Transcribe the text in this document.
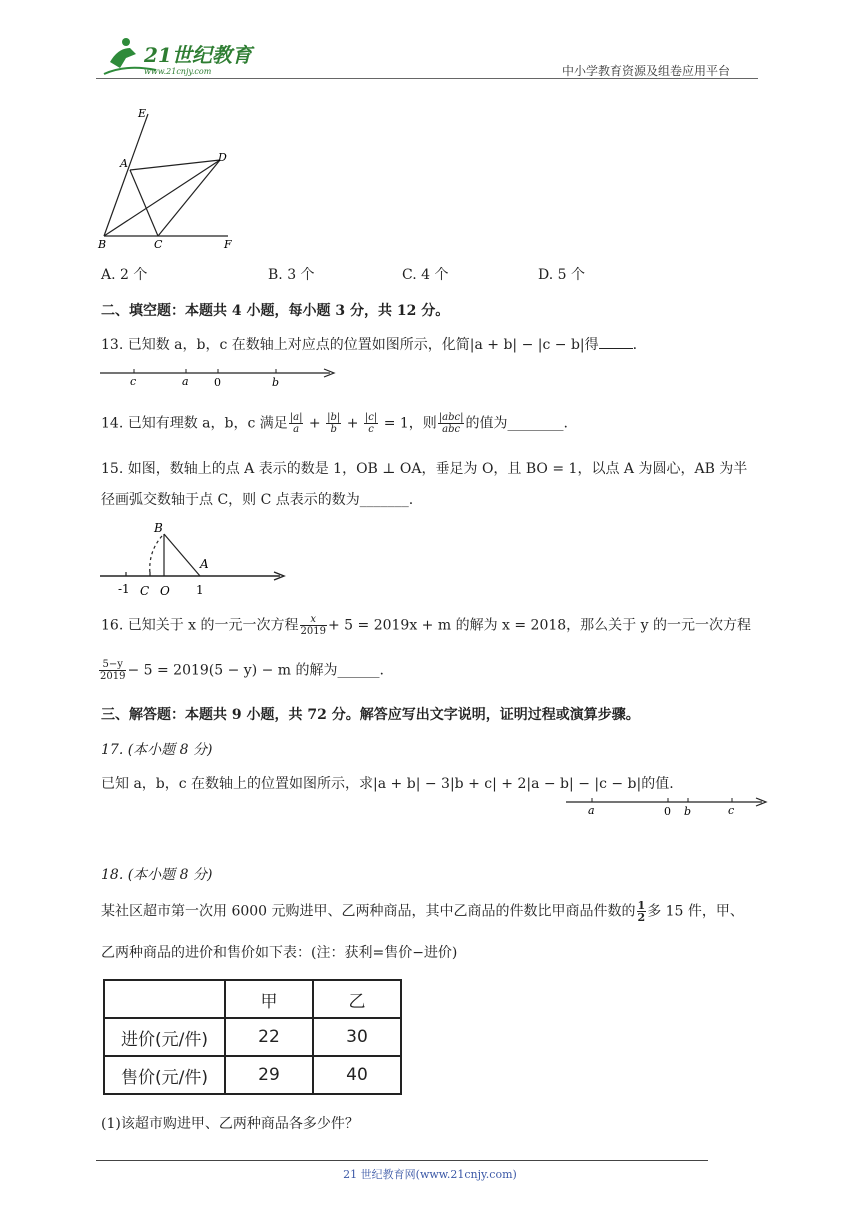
21世纪教育
www.21cnjy.com	中小学教育资源及组卷应用平台
E
A	D
B	C	F
A. 2 个	B. 3 个	C. 4 个	D. 5 个
二、填空题：本题共 4 小题，每小题 3 分，共 12 分。
13. 已知数 a，b，c 在数轴上对应点的位置如图所示，化简|a + b| − |c − b|得 .
c	a 0	b
14. 已知有理数 a，b，c 满足 $\frac{|a|}{a} + \frac{|b|}{b} + \frac{|c|}{c} = 1$，则 $\frac{\text{|abc|}}{\text{abc}}$ 的值为________.
15. 如图，数轴上的点 A 表示的数是 1，OB ⊥ OA，垂足为 O，且 BO = 1，以点 A 为圆心，AB 为半
径画弧交数轴于点 C，则 C 点表示的数为_______.
B
A
-1 C O 1
16. 已知关于 x 的一元一次方程 $\frac{x}{2019} + 5 = 2019x + m$ 的解为 x = 2018，那么关于 y 的一元一次方程
$\frac{5-y}{2019} - 5 = 2019(5 - y) - m$ 的解为______.
三、解答题：本题共 9 小题，共 72 分。解答应写出文字说明，证明过程或演算步骤。
17. (本小题 8 分)
已知 a，b，c 在数轴上的位置如图所示，求|a + b| − 3|b + c| + 2|a − b| − |c − b|的值.
a	0 b	c
18. (本小题 8 分)
某社区超市第一次用 6000 元购进甲、乙两种商品，其中乙商品的件数比甲商品件数的 $\frac{1}{2}$ 多 15 件，甲、
乙两种商品的进价和售价如下表：(注：获利=售价−进价)
	甲	乙
进价(元/件)	22	30
售价(元/件)	29	40
(1)该超市购进甲、乙两种商品各多少件？
21 世纪教育网(www.21cnjy.com)
